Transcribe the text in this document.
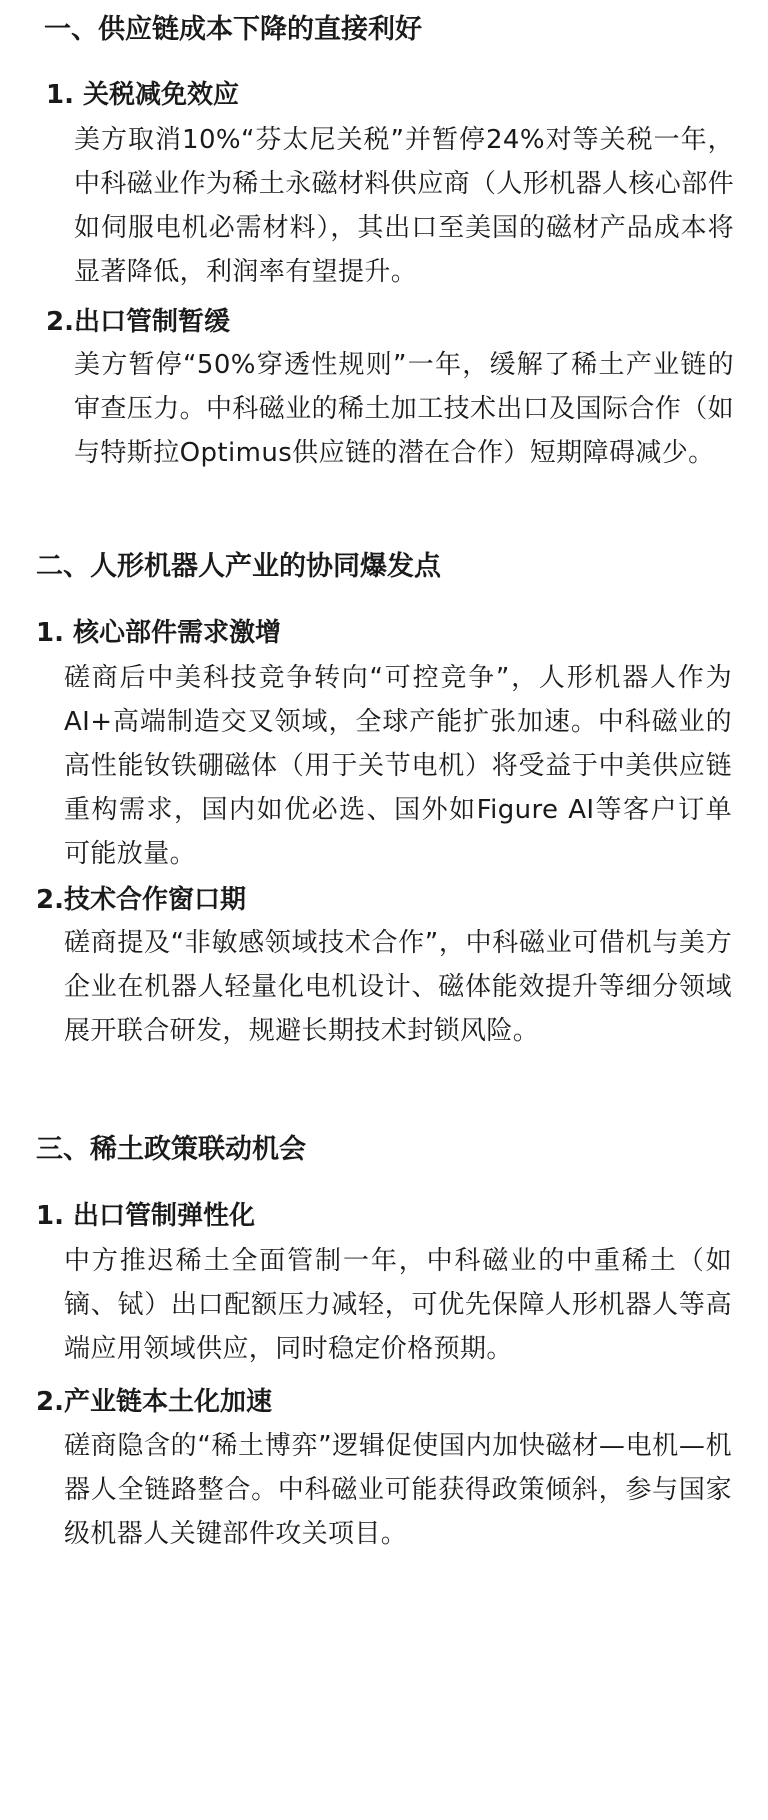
一、供应链成本下降的直接利好
1. 关税减免效应

美方取消10%“芬太尼关税”并暂停24%对等关税一年，中科磁业作为稀土永磁材料供应商（人形机器人核心部件如伺服电机必需材料），其出口至美国的磁材产品成本将显著降低，利润率有望提升。

2.出口管制暂缓

美方暂停“50%穿透性规则”一年，缓解了稀土产业链的审查压力。中科磁业的稀土加工技术出口及国际合作（如与特斯拉Optimus供应链的潜在合作）短期障碍减少。

二、人形机器人产业的协同爆发点
1. 核心部件需求激增

磋商后中美科技竞争转向“可控竞争”，人形机器人作为AI+高端制造交叉领域，全球产能扩张加速。中科磁业的高性能钕铁硼磁体（用于关节电机）将受益于中美供应链重构需求，国内如优必选、国外如Figure AI等客户订单可能放量。

2.技术合作窗口期

磋商提及“非敏感领域技术合作”，中科磁业可借机与美方企业在机器人轻量化电机设计、磁体能效提升等细分领域展开联合研发，规避长期技术封锁风险。

三、稀土政策联动机会
1. 出口管制弹性化

中方推迟稀土全面管制一年，中科磁业的中重稀土（如镝、铽）出口配额压力减轻，可优先保障人形机器人等高端应用领域供应，同时稳定价格预期。

2.产业链本土化加速

磋商隐含的“稀土博弈”逻辑促使国内加快磁材—电机—机器人全链路整合。中科磁业可能获得政策倾斜，参与国家级机器人关键部件攻关项目。
